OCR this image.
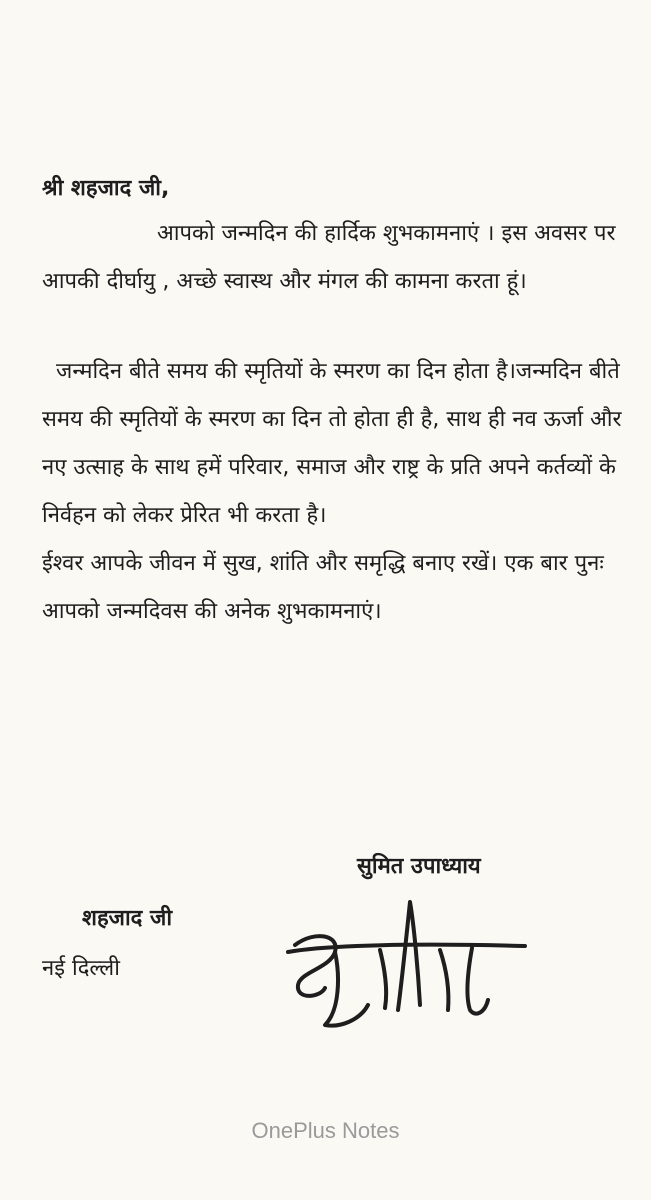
श्री शहजाद जी,

आपको जन्मदिन की हार्दिक शुभकामनाएं । इस अवसर पर आपकी दीर्घायु , अच्छे स्वास्थ और मंगल की कामना करता हूं।

जन्मदिन बीते समय की स्मृतियों के स्मरण का दिन होता है।जन्मदिन बीते समय की स्मृतियों के स्मरण का दिन तो होता ही है, साथ ही नव ऊर्जा और नए उत्साह के साथ हमें परिवार, समाज और राष्ट्र के प्रति अपने कर्तव्यों के निर्वहन को लेकर प्रेरित भी करता है।

ईश्वर आपके जीवन में सुख, शांति और समृद्धि बनाए रखें। एक बार पुनः आपको जन्मदिवस की अनेक शुभकामनाएं।

सुमित उपाध्याय
शहजाद जी
नई दिल्ली
OnePlus Notes
